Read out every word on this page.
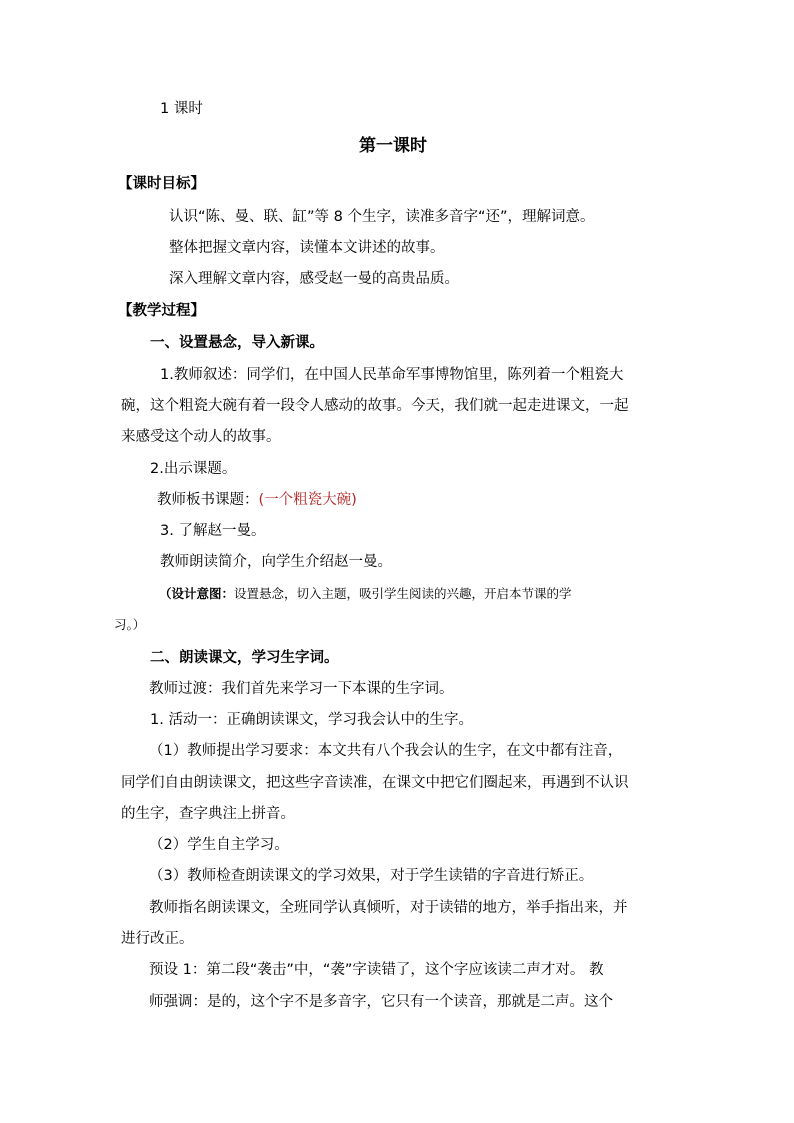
1 课时
第一课时
【课时目标】
认识“陈、曼、联、缸”等 8 个生字，读准多音字“还”，理解词意。
整体把握文章内容，读懂本文讲述的故事。
深入理解文章内容，感受赵一曼的高贵品质。
【教学过程】
一、设置悬念，导入新课。
1.教师叙述：同学们，在中国人民革命军事博物馆里，陈列着一个粗瓷大
碗，这个粗瓷大碗有着一段令人感动的故事。今天，我们就一起走进课文，一起
来感受这个动人的故事。
2.出示课题。
教师板书课题：(一个粗瓷大碗)
3. 了解赵一曼。
教师朗读简介，向学生介绍赵一曼。
（设计意图：设置悬念，切入主题，吸引学生阅读的兴趣，开启本节课的学
习。）
二、朗读课文，学习生字词。
教师过渡：我们首先来学习一下本课的生字词。
1. 活动一：正确朗读课文，学习我会认中的生字。
（1）教师提出学习要求：本文共有八个我会认的生字，在文中都有注音，
同学们自由朗读课文，把这些字音读准，在课文中把它们圈起来，再遇到不认识
的生字，查字典注上拼音。
（2）学生自主学习。
（3）教师检查朗读课文的学习效果，对于学生读错的字音进行矫正。
教师指名朗读课文，全班同学认真倾听，对于读错的地方，举手指出来，并
进行改正。
预设 1：第二段“袭击”中，“袭”字读错了，这个字应该读二声才对。 教
师强调：是的，这个字不是多音字，它只有一个读音，那就是二声。这个
